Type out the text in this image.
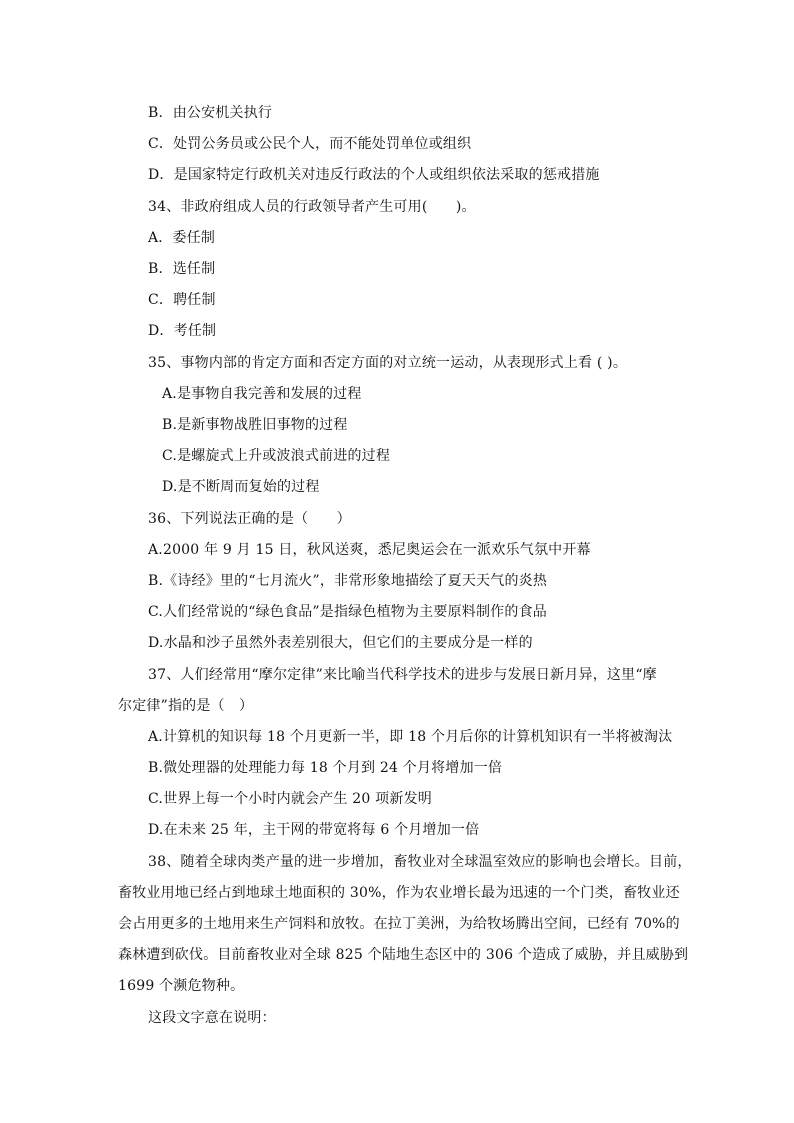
B．由公安机关执行
C．处罚公务员或公民个人，而不能处罚单位或组织
D．是国家特定行政机关对违反行政法的个人或组织依法采取的惩戒措施
34、非政府组成人员的行政领导者产生可用(　　)。
A．委任制
B．选任制
C．聘任制
D．考任制
35、事物内部的肯定方面和否定方面的对立统一运动，从表现形式上看 ( )。
A.是事物自我完善和发展的过程
B.是新事物战胜旧事物的过程
C.是螺旋式上升或波浪式前进的过程
D.是不断周而复始的过程
36、下列说法正确的是（　　）
A.2000 年 9 月 15 日，秋风送爽，悉尼奥运会在一派欢乐气氛中开幕
B.《诗经》里的“七月流火”，非常形象地描绘了夏天天气的炎热
C.人们经常说的“绿色食品”是指绿色植物为主要原料制作的食品
D.水晶和沙子虽然外表差别很大，但它们的主要成分是一样的
37、人们经常用“摩尔定律”来比喻当代科学技术的进步与发展日新月异，这里“摩
尔定律”指的是（　）
A.计算机的知识每 18 个月更新一半，即 18 个月后你的计算机知识有一半将被淘汰
B.微处理器的处理能力每 18 个月到 24 个月将增加一倍
C.世界上每一个小时内就会产生 20 项新发明
D.在未来 25 年，主干网的带宽将每 6 个月增加一倍
38、随着全球肉类产量的进一步增加，畜牧业对全球温室效应的影响也会增长。目前，
畜牧业用地已经占到地球土地面积的 30%，作为农业增长最为迅速的一个门类，畜牧业还
会占用更多的土地用来生产饲料和放牧。在拉丁美洲，为给牧场腾出空间，已经有 70%的
森林遭到砍伐。目前畜牧业对全球 825 个陆地生态区中的 306 个造成了威胁，并且威胁到
1699 个濒危物种。
这段文字意在说明：
